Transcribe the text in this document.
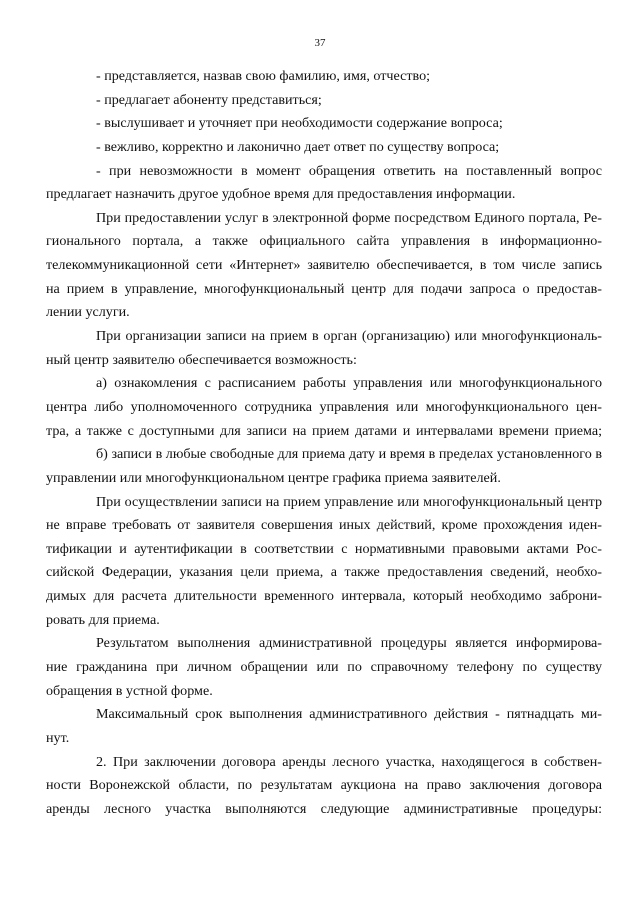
37
- представляется, назвав свою фамилию, имя, отчество;
- предлагает абоненту представиться;
- выслушивает и уточняет при необходимости содержание вопроса;
- вежливо, корректно и лаконично дает ответ по существу вопроса;
- при невозможности в момент обращения ответить на поставленный вопрос
предлагает назначить другое удобное время для предоставления информации.
При предоставлении услуг в электронной форме посредством Единого портала, Ре-
гионального портала, а также официального сайта управления в информационно-
телекоммуникационной сети «Интернет» заявителю обеспечивается, в том числе запись
на прием в управление, многофункциональный центр для подачи запроса о предостав-
лении услуги.
При организации записи на прием в орган (организацию) или многофункциональ-
ный центр заявителю обеспечивается возможность:
а) ознакомления с расписанием работы управления или многофункционального
центра либо уполномоченного сотрудника управления или многофункционального цен-
тра, а также с доступными для записи на прием датами и интервалами времени приема;
б) записи в любые свободные для приема дату и время в пределах установленного в
управлении или многофункциональном центре графика приема заявителей.
При осуществлении записи на прием управление или многофункциональный центр
не вправе требовать от заявителя совершения иных действий, кроме прохождения иден-
тификации и аутентификации в соответствии с нормативными правовыми актами Рос-
сийской Федерации, указания цели приема, а также предоставления сведений, необхо-
димых для расчета длительности временного интервала, который необходимо заброни-
ровать для приема.
Результатом выполнения административной процедуры является информирова-
ние гражданина при личном обращении или по справочному телефону по существу
обращения в устной форме.
Максимальный срок выполнения административного действия - пятнадцать ми-
нут.
2. При заключении договора аренды лесного участка, находящегося в собствен-
ности Воронежской области, по результатам аукциона на право заключения договора
аренды лесного участка выполняются следующие административные процедуры:
